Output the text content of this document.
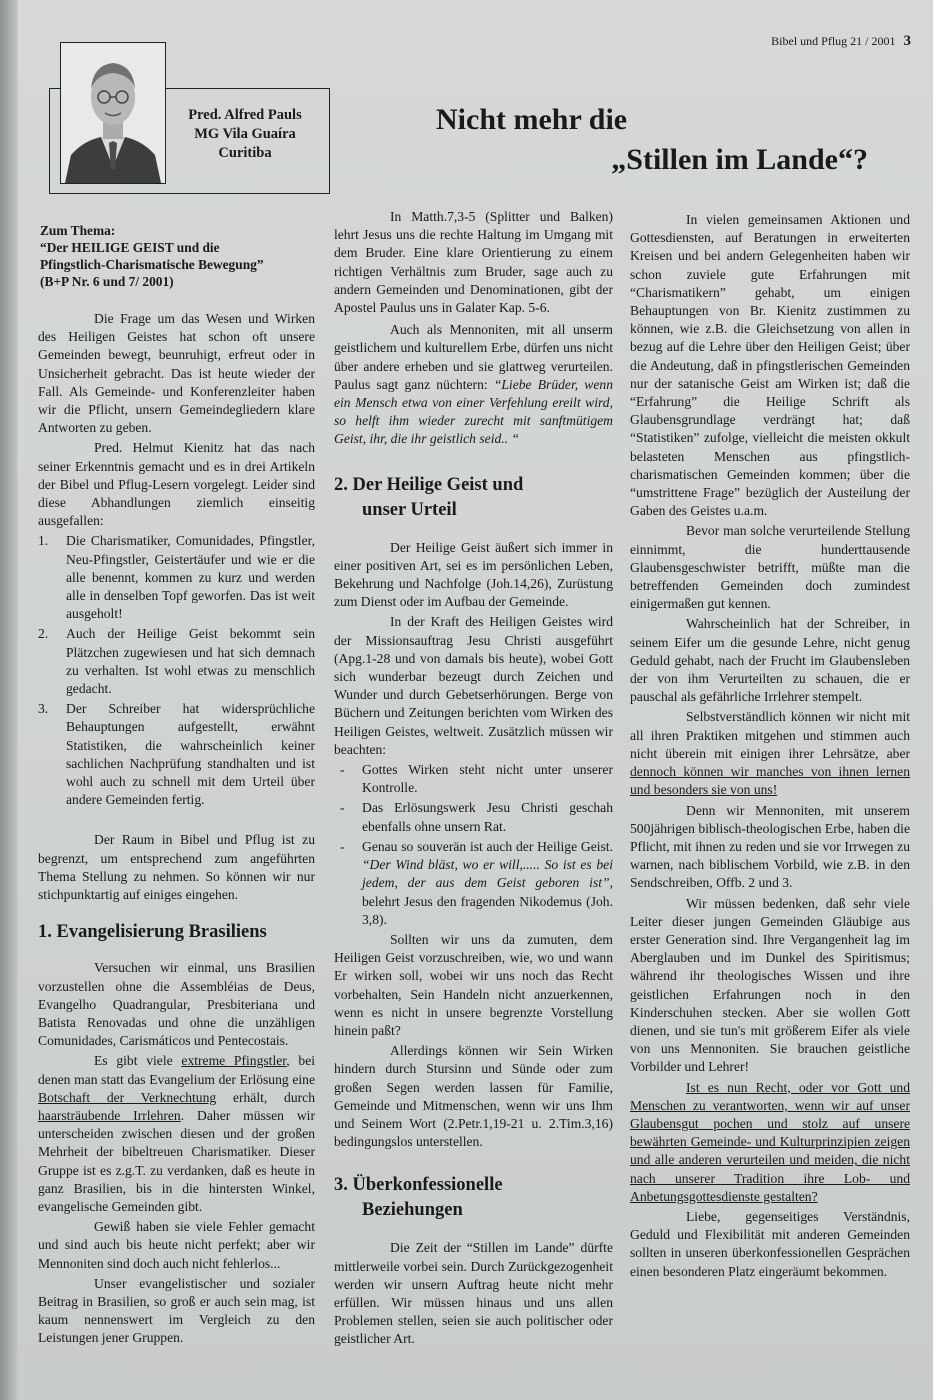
Bibel und Pflug 21 / 2001 3
Pred. Alfred Pauls
MG Vila Guaíra
Curitiba
Nicht mehr die
„Stillen im Lande“?
Zum Thema:
“Der HEILIGE GEIST und die
Pfingstlich-Charismatische Bewegung”
(B+P Nr. 6 und 7/ 2001)

Die Frage um das Wesen und Wirken des Heiligen Geistes hat schon oft unsere Gemeinden bewegt, beunruhigt, erfreut oder in Unsicherheit gebracht. Das ist heute wieder der Fall. Als Gemeinde- und Konferenzleiter haben wir die Pflicht, unsern Gemeindegliedern klare Antworten zu geben.

Pred. Helmut Kienitz hat das nach seiner Erkenntnis gemacht und es in drei Artikeln der Bibel und Pflug-Lesern vorgelegt. Leider sind diese Abhandlungen ziemlich einseitig ausgefallen:

1. Die Charismatiker, Comunidades, Pfingstler, Neu-Pfingstler, Geistertäufer und wie er die alle benennt, kommen zu kurz und werden alle in denselben Topf geworfen. Das ist weit ausgeholt!
2. Auch der Heilige Geist bekommt sein Plätzchen zugewiesen und hat sich demnach zu verhalten. Ist wohl etwas zu menschlich gedacht.
3. Der Schreiber hat widersprüchliche Behauptungen aufgestellt, erwähnt Statistiken, die wahrscheinlich keiner sachlichen Nachprüfung standhalten und ist wohl auch zu schnell mit dem Urteil über andere Gemeinden fertig.

Der Raum in Bibel und Pflug ist zu begrenzt, um entsprechend zum angeführten Thema Stellung zu nehmen. So können wir nur stichpunktartig auf einiges eingehen.

1. Evangelisierung Brasiliens

Versuchen wir einmal, uns Brasilien vorzustellen ohne die Assembléias de Deus, Evangelho Quadrangular, Presbiteriana und Batista Renovadas und ohne die unzähligen Comunidades, Carismáticos und Pentecostais.

Es gibt viele extreme Pfingstler, bei denen man statt das Evangelium der Erlösung eine Botschaft der Verknechtung erhält, durch haarsträubende Irrlehren. Daher müssen wir unterscheiden zwischen diesen und der großen Mehrheit der bibeltreuen Charismatiker. Dieser Gruppe ist es z.g.T. zu verdanken, daß es heute in ganz Brasilien, bis in die hintersten Winkel, evangelische Gemeinden gibt.

Gewiß haben sie viele Fehler gemacht und sind auch bis heute nicht perfekt; aber wir Mennoniten sind doch auch nicht fehlerlos...

Unser evangelistischer und sozialer Beitrag in Brasilien, so groß er auch sein mag, ist kaum nennenswert im Vergleich zu den Leistungen jener Gruppen.

In Matth.7,3-5 (Splitter und Balken) lehrt Jesus uns die rechte Haltung im Umgang mit dem Bruder. Eine klare Orientierung zu einem richtigen Verhältnis zum Bruder, sage auch zu andern Gemeinden und Denominationen, gibt der Apostel Paulus uns in Galater Kap. 5-6.

Auch als Mennoniten, mit all unserm geistlichem und kulturellem Erbe, dürfen uns nicht über andere erheben und sie glattweg verurteilen. Paulus sagt ganz nüchtern: “Liebe Brüder, wenn ein Mensch etwa von einer Verfehlung ereilt wird, so helft ihm wieder zurecht mit sanftmütigem Geist, ihr, die ihr geistlich seid.. “

2. Der Heilige Geist und
unser Urteil

Der Heilige Geist äußert sich immer in einer positiven Art, sei es im persönlichen Leben, Bekehrung und Nachfolge (Joh.14,26), Zurüstung zum Dienst oder im Aufbau der Gemeinde.

In der Kraft des Heiligen Geistes wird der Missionsauftrag Jesu Christi ausgeführt (Apg.1-28 und von damals bis heute), wobei Gott sich wunderbar bezeugt durch Zeichen und Wunder und durch Gebetserhörungen. Berge von Büchern und Zeitungen berichten vom Wirken des Heiligen Geistes, weltweit. Zusätzlich müssen wir beachten:

- Gottes Wirken steht nicht unter unserer Kontrolle.
- Das Erlösungswerk Jesu Christi geschah ebenfalls ohne unsern Rat.
- Genau so souverän ist auch der Heilige Geist. “Der Wind bläst, wo er will,..... So ist es bei jedem, der aus dem Geist geboren ist”, belehrt Jesus den fragenden Nikodemus (Joh. 3,8).

Sollten wir uns da zumuten, dem Heiligen Geist vorzuschreiben, wie, wo und wann Er wirken soll, wobei wir uns noch das Recht vorbehalten, Sein Handeln nicht anzuerkennen, wenn es nicht in unsere begrenzte Vorstellung hinein paßt?

Allerdings können wir Sein Wirken hindern durch Stursinn und Sünde oder zum großen Segen werden lassen für Familie, Gemeinde und Mitmenschen, wenn wir uns Ihm und Seinem Wort (2.Petr.1,19-21 u. 2.Tim.3,16) bedingungslos unterstellen.

3. Überkonfessionelle
Beziehungen

Die Zeit der “Stillen im Lande” dürfte mittlerweile vorbei sein. Durch Zurückgezogenheit werden wir unsern Auftrag heute nicht mehr erfüllen. Wir müssen hinaus und uns allen Problemen stellen, seien sie auch politischer oder geistlicher Art.

In vielen gemeinsamen Aktionen und Gottesdiensten, auf Beratungen in erweiterten Kreisen und bei andern Gelegenheiten haben wir schon zuviele gute Erfahrungen mit “Charismatikern” gehabt, um einigen Behauptungen von Br. Kienitz zustimmen zu können, wie z.B. die Gleichsetzung von allen in bezug auf die Lehre über den Heiligen Geist; über die Andeutung, daß in pfingstlerischen Gemeinden nur der satanische Geist am Wirken ist; daß die “Erfahrung” die Heilige Schrift als Glaubensgrundlage verdrängt hat; daß “Statistiken” zufolge, vielleicht die meisten okkult belasteten Menschen aus pfingstlich-charismatischen Gemeinden kommen; über die “umstrittene Frage” bezüglich der Austeilung der Gaben des Geistes u.a.m.

Bevor man solche verurteilende Stellung einnimmt, die hunderttausende Glaubensgeschwister betrifft, müßte man die betreffenden Gemeinden doch zumindest einigermaßen gut kennen.

Wahrscheinlich hat der Schreiber, in seinem Eifer um die gesunde Lehre, nicht genug Geduld gehabt, nach der Frucht im Glaubensleben der von ihm Verurteilten zu schauen, die er pauschal als gefährliche Irrlehrer stempelt.

Selbstverständlich können wir nicht mit all ihren Praktiken mitgehen und stimmen auch nicht überein mit einigen ihrer Lehrsätze, aber dennoch können wir manches von ihnen lernen und besonders sie von uns!

Denn wir Mennoniten, mit unserem 500jährigen biblisch-theologischen Erbe, haben die Pflicht, mit ihnen zu reden und sie vor Irrwegen zu warnen, nach biblischem Vorbild, wie z.B. in den Sendschreiben, Offb. 2 und 3.

Wir müssen bedenken, daß sehr viele Leiter dieser jungen Gemeinden Gläubige aus erster Generation sind. Ihre Vergangenheit lag im Aberglauben und im Dunkel des Spiritismus; während ihr theologisches Wissen und ihre geistlichen Erfahrungen noch in den Kinderschuhen stecken. Aber sie wollen Gott dienen, und sie tun's mit größerem Eifer als viele von uns Mennoniten. Sie brauchen geistliche Vorbilder und Lehrer!

Ist es nun Recht, oder vor Gott und Menschen zu verantworten, wenn wir auf unser Glaubensgut pochen und stolz auf unsere bewährten Gemeinde- und Kulturprinzipien zeigen und alle anderen verurteilen und meiden, die nicht nach unserer Tradition ihre Lob- und Anbetungsgottesdienste gestalten?

Liebe, gegenseitiges Verständnis, Geduld und Flexibilität mit anderen Gemeinden sollten in unseren überkonfessionellen Gesprächen einen besonderen Platz eingeräumt bekommen.
